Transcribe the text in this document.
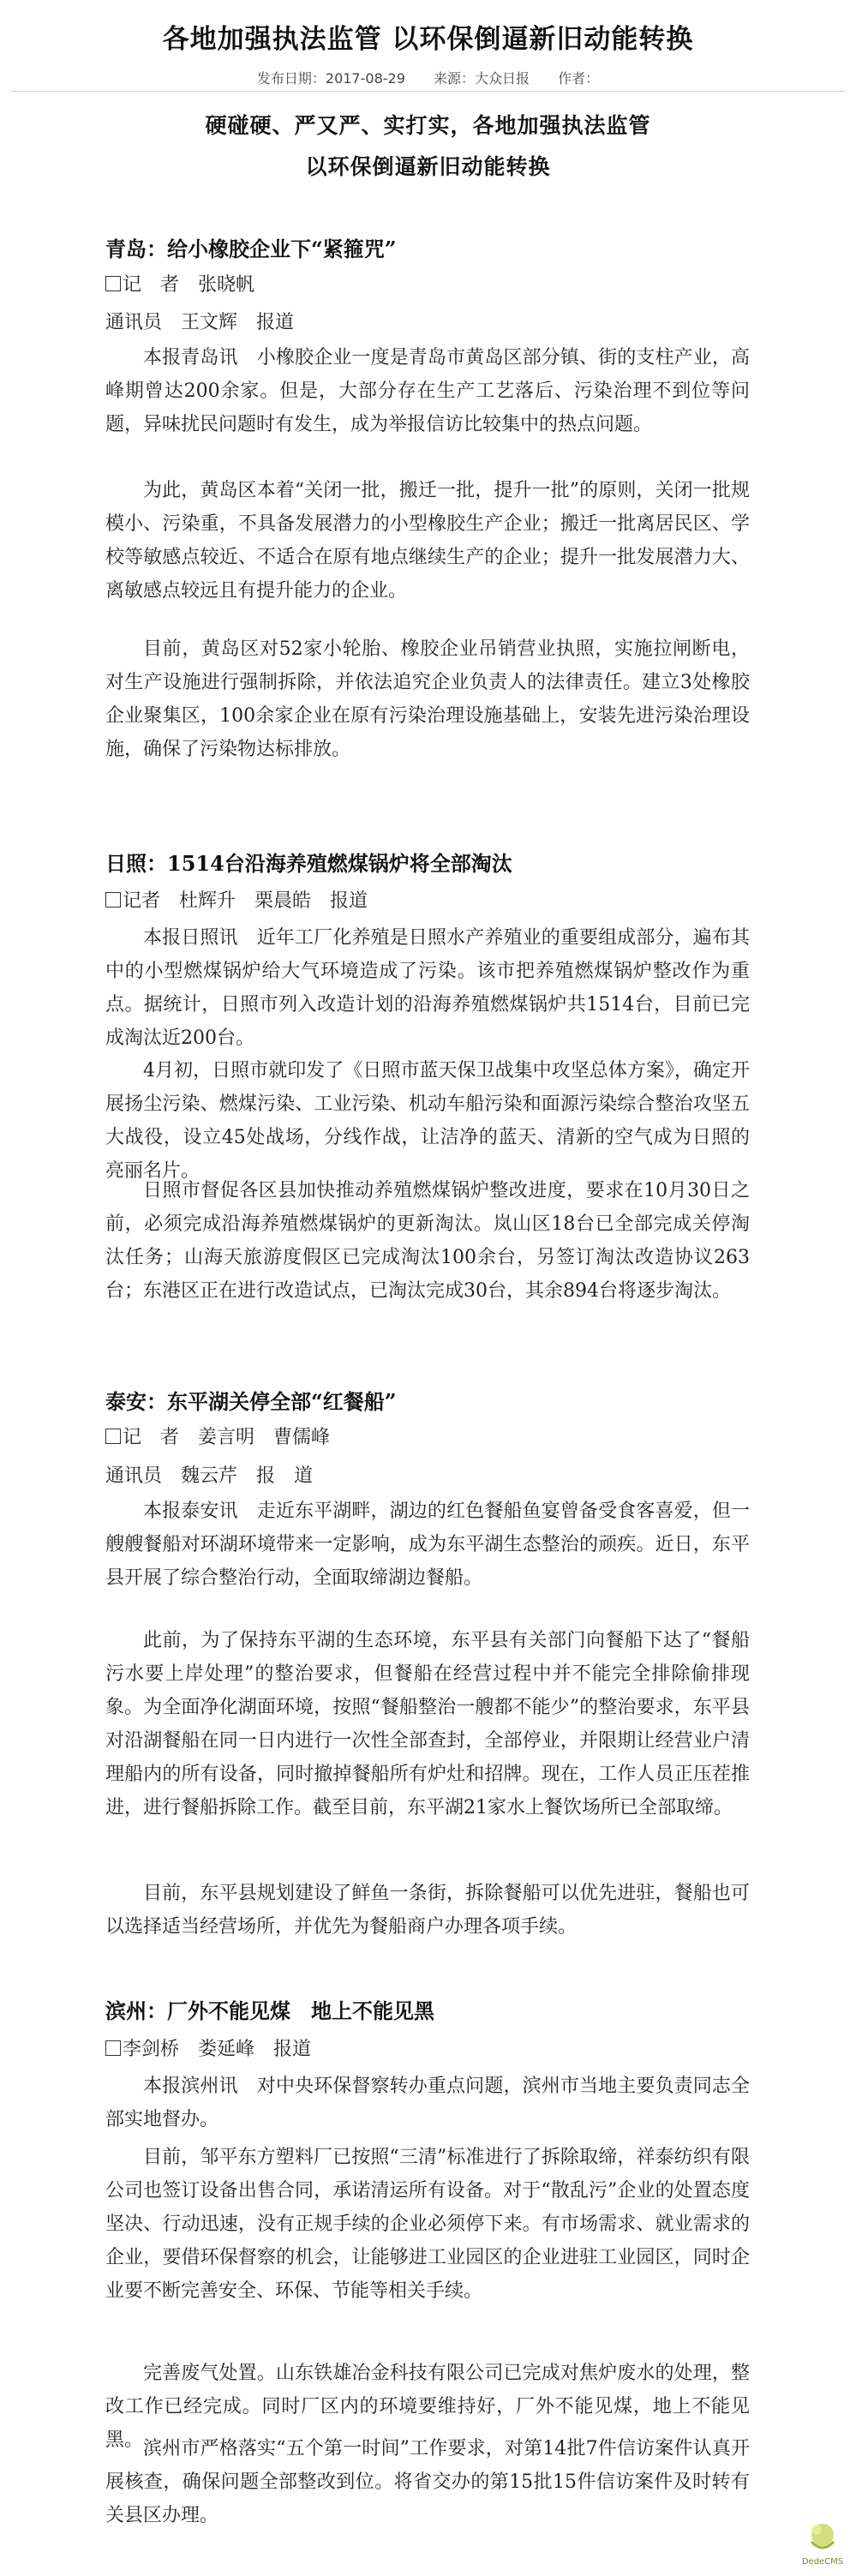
各地加强执法监管 以环保倒逼新旧动能转换
发布日期：2017-08-29 来源：大众日报 作者：
硬碰硬、严又严、实打实，各地加强执法监管
以环保倒逼新旧动能转换
青岛：给小橡胶企业下“紧箍咒”
记　者　张晓帆
通讯员　王文辉　报道
本报青岛讯　小橡胶企业一度是青岛市黄岛区部分镇、街的支柱产业，高峰期曾达200余家。但是，大部分存在生产工艺落后、污染治理不到位等问题，异味扰民问题时有发生，成为举报信访比较集中的热点问题。
为此，黄岛区本着“关闭一批，搬迁一批，提升一批”的原则，关闭一批规模小、污染重，不具备发展潜力的小型橡胶生产企业；搬迁一批离居民区、学校等敏感点较近、不适合在原有地点继续生产的企业；提升一批发展潜力大、离敏感点较远且有提升能力的企业。
目前，黄岛区对52家小轮胎、橡胶企业吊销营业执照，实施拉闸断电，对生产设施进行强制拆除，并依法追究企业负责人的法律责任。建立3处橡胶企业聚集区，100余家企业在原有污染治理设施基础上，安装先进污染治理设施，确保了污染物达标排放。
日照：1514台沿海养殖燃煤锅炉将全部淘汰
记者　杜辉升　栗晨皓　报道
本报日照讯　近年工厂化养殖是日照水产养殖业的重要组成部分，遍布其中的小型燃煤锅炉给大气环境造成了污染。该市把养殖燃煤锅炉整改作为重点。据统计，日照市列入改造计划的沿海养殖燃煤锅炉共1514台，目前已完成淘汰近200台。
4月初，日照市就印发了《日照市蓝天保卫战集中攻坚总体方案》，确定开展扬尘污染、燃煤污染、工业污染、机动车船污染和面源污染综合整治攻坚五大战役，设立45处战场，分线作战，让洁净的蓝天、清新的空气成为日照的亮丽名片。
日照市督促各区县加快推动养殖燃煤锅炉整改进度，要求在10月30日之前，必须完成沿海养殖燃煤锅炉的更新淘汰。岚山区18台已全部完成关停淘汰任务；山海天旅游度假区已完成淘汰100余台，另签订淘汰改造协议263台；东港区正在进行改造试点，已淘汰完成30台，其余894台将逐步淘汰。
泰安：东平湖关停全部“红餐船”
记　者　姜言明　曹儒峰
通讯员　魏云芹　报　道
本报泰安讯　走近东平湖畔，湖边的红色餐船鱼宴曾备受食客喜爱，但一艘艘餐船对环湖环境带来一定影响，成为东平湖生态整治的顽疾。近日，东平县开展了综合整治行动，全面取缔湖边餐船。
此前，为了保持东平湖的生态环境，东平县有关部门向餐船下达了“餐船污水要上岸处理”的整治要求，但餐船在经营过程中并不能完全排除偷排现象。为全面净化湖面环境，按照“餐船整治一艘都不能少”的整治要求，东平县对沿湖餐船在同一日内进行一次性全部查封，全部停业，并限期让经营业户清理船内的所有设备，同时撤掉餐船所有炉灶和招牌。现在，工作人员正压茬推进，进行餐船拆除工作。截至目前，东平湖21家水上餐饮场所已全部取缔。
目前，东平县规划建设了鲜鱼一条街，拆除餐船可以优先进驻，餐船也可以选择适当经营场所，并优先为餐船商户办理各项手续。
滨州：厂外不能见煤　地上不能见黑
李剑桥　娄延峰　报道
本报滨州讯　对中央环保督察转办重点问题，滨州市当地主要负责同志全部实地督办。
目前，邹平东方塑料厂已按照“三清”标准进行了拆除取缔，祥泰纺织有限公司也签订设备出售合同，承诺清运所有设备。对于“散乱污”企业的处置态度坚决、行动迅速，没有正规手续的企业必须停下来。有市场需求、就业需求的企业，要借环保督察的机会，让能够进工业园区的企业进驻工业园区，同时企业要不断完善安全、环保、节能等相关手续。
完善废气处置。山东铁雄冶金科技有限公司已完成对焦炉废水的处理，整改工作已经完成。同时厂区内的环境要维持好，厂外不能见煤，地上不能见黑。 滨州市严格落实“五个第一时间”工作要求，对第14批7件信访案件认真开展核查，确保问题全部整改到位。将省交办的第15批15件信访案件及时转有关县区办理。
DedeCMS
